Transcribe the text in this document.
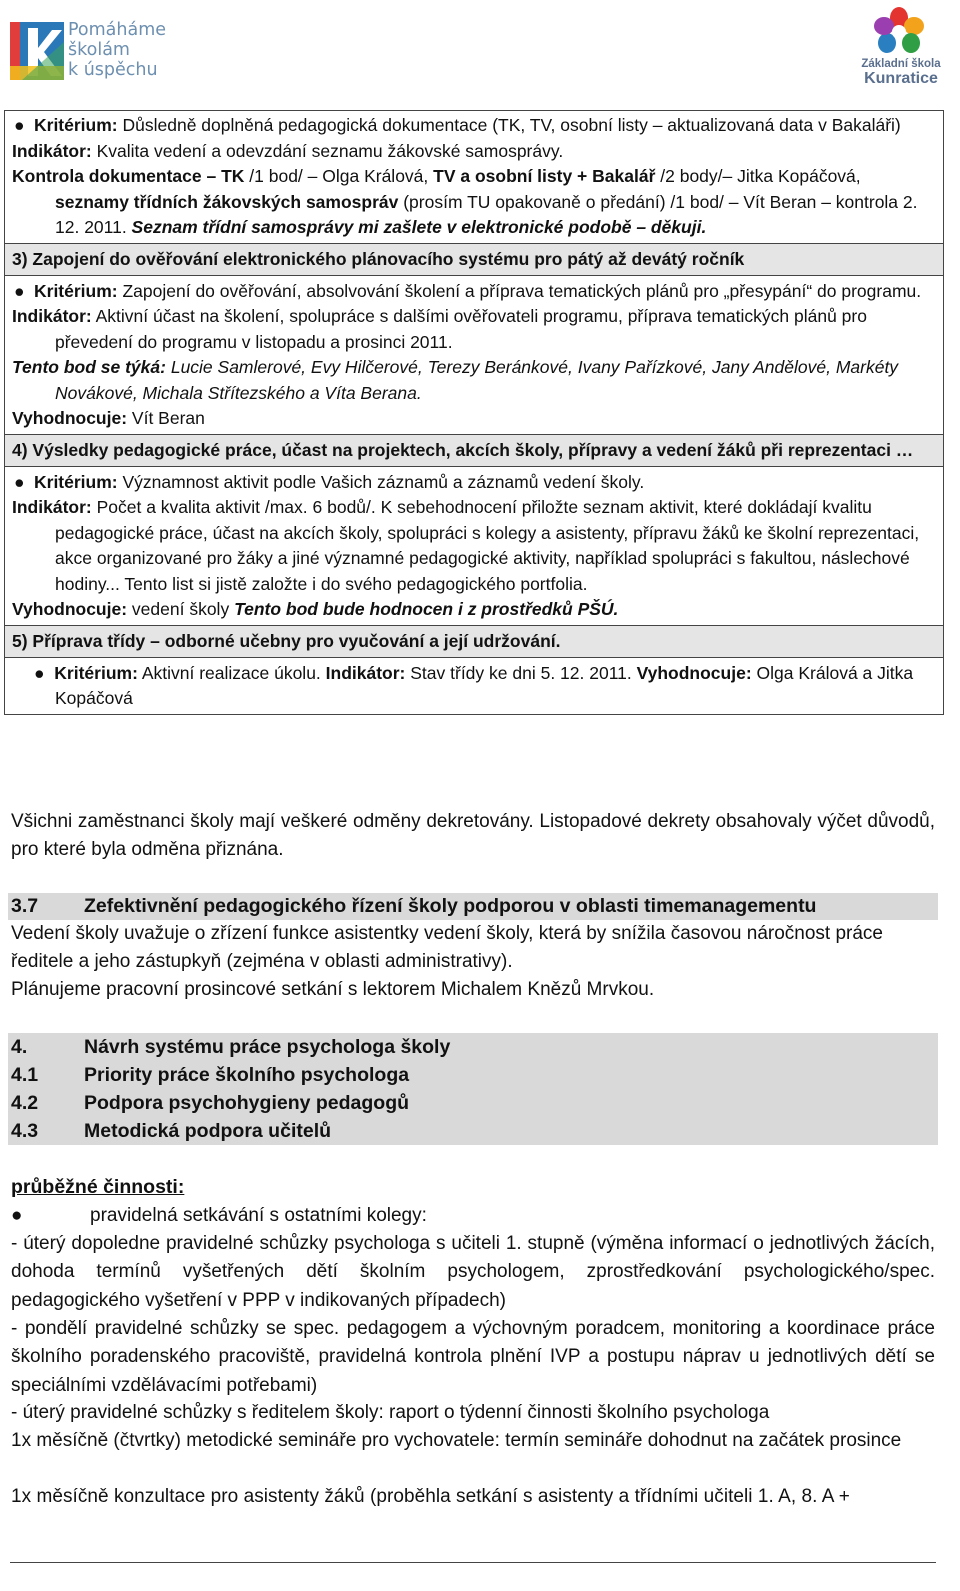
Pomáháme
školám
k úspěchu	Základní škola
Kunratice
● Kritérium: Důsledně doplněná pedagogická dokumentace (TK, TV, osobní listy – aktualizovaná data v Bakaláři)
Indikátor: Kvalita vedení a odevzdání seznamu žákovské samosprávy.
Kontrola dokumentace – TK /1 bod/ – Olga Králová, TV a osobní listy + Bakalář /2 body/– Jitka Kopáčová, seznamy třídních žákovských samospráv (prosím TU opakovaně o předání) /1 bod/ – Vít Beran – kontrola 2. 12. 2011. Seznam třídní samosprávy mi zašlete v elektronické podobě – děkuji.
3) Zapojení do ověřování elektronického plánovacího systému pro pátý až devátý ročník
● Kritérium: Zapojení do ověřování, absolvování školení a příprava tematických plánů pro „přesypání“ do programu.
Indikátor: Aktivní účast na školení, spolupráce s dalšími ověřovateli programu, příprava tematických plánů pro převedení do programu v listopadu a prosinci 2011.
Tento bod se týká: Lucie Samlerové, Evy Hilčerové, Terezy Beránkové, Ivany Pařízkové, Jany Andělové, Markéty Novákové, Michala Střítezského a Víta Berana.
Vyhodnocuje: Vít Beran
4) Výsledky pedagogické práce, účast na projektech, akcích školy, přípravy a vedení žáků při reprezentaci …
● Kritérium: Významnost aktivit podle Vašich záznamů a záznamů vedení školy.
Indikátor: Počet a kvalita aktivit /max. 6 bodů/. K sebehodnocení přiložte seznam aktivit, které dokládají kvalitu pedagogické práce, účast na akcích školy, spolupráci s kolegy a asistenty, přípravu žáků ke školní reprezentaci, akce organizované pro žáky a jiné významné pedagogické aktivity, například spolupráci s fakultou, náslechové hodiny... Tento list si jistě založte i do svého pedagogického portfolia.
Vyhodnocuje: vedení školy Tento bod bude hodnocen i z prostředků PŠÚ.
5) Příprava třídy – odborné učebny pro vyučování a její udržování.
●  Kritérium: Aktivní realizace úkolu. Indikátor: Stav třídy ke dni 5. 12. 2011. Vyhodnocuje: Olga Králová a Jitka Kopáčová
Všichni zaměstnanci školy mají veškeré odměny dekretovány. Listopadové dekrety obsahovaly výčet důvodů, pro které byla odměna přiznána.
3.7 Zefektivnění pedagogického řízení školy podporou v oblasti timemanagementu
Vedení školy uvažuje o zřízení funkce asistentky vedení školy, která by snížila časovou náročnost práce ředitele a jeho zástupkyň (zejména v oblasti administrativy).
Plánujeme pracovní prosincové setkání s lektorem Michalem Knězů Mrvkou.
4.	Návrh systému práce psychologa školy
4.1 Priority práce školního psychologa
4.2 Podpora psychohygieny pedagogů
4.3 Metodická podpora učitelů
průběžné činnosti:
●	pravidelná setkávání s ostatními kolegy:
- úterý dopoledne pravidelné schůzky psychologa s učiteli 1. stupně (výměna informací o jednotlivých žácích, dohoda termínů vyšetřených dětí školním psychologem, zprostředkování psychologického/spec. pedagogického vyšetření v PPP v indikovaných případech)
- pondělí pravidelné schůzky se spec. pedagogem a výchovným poradcem, monitoring a koordinace práce školního poradenského pracoviště, pravidelná kontrola plnění IVP a postupu náprav u jednotlivých dětí se speciálními vzdělávacími potřebami)
- úterý pravidelné schůzky s ředitelem školy: raport o týdenní činnosti školního psychologa
1x měsíčně (čtvrtky) metodické semináře pro vychovatele: termín semináře dohodnut na začátek prosince
1x měsíčně konzultace pro asistenty žáků (proběhla setkání s asistenty a třídními učiteli 1. A, 8. A +
